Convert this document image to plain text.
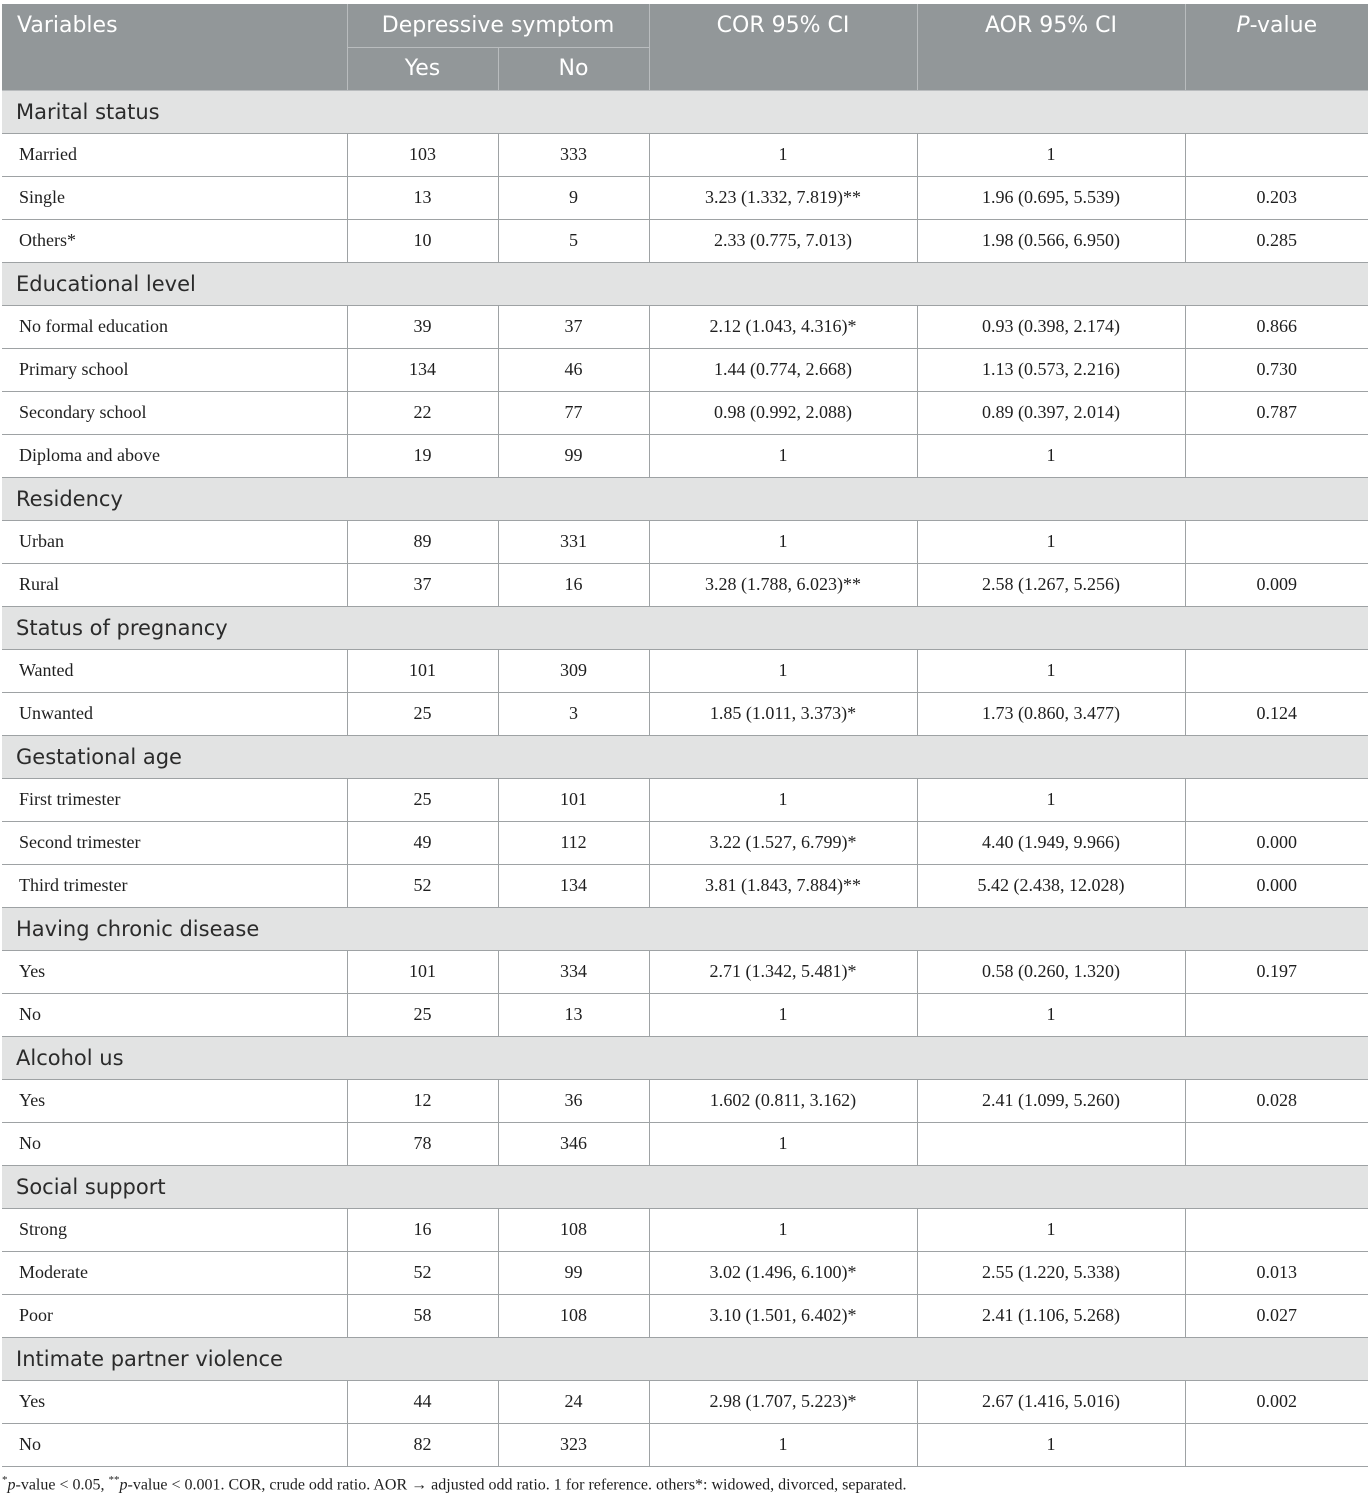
Variables	Depressive symptom		COR 95% CI	AOR 95% CI	P-value
	Yes	No			
Marital status					
Married	103	333	1	1	
Single	13	9	3.23 (1.332, 7.819)**	1.96 (0.695, 5.539)	0.203
Others*	10	5	2.33 (0.775, 7.013)	1.98 (0.566, 6.950)	0.285
Educational level					
No formal education	39	37	2.12 (1.043, 4.316)*	0.93 (0.398, 2.174)	0.866
Primary school	134	46	1.44 (0.774, 2.668)	1.13 (0.573, 2.216)	0.730
Secondary school	22	77	0.98 (0.992, 2.088)	0.89 (0.397, 2.014)	0.787
Diploma and above	19	99	1	1	
Residency					
Urban	89	331	1	1	
Rural	37	16	3.28 (1.788, 6.023)**	2.58 (1.267, 5.256)	0.009
Status of pregnancy					
Wanted	101	309	1	1	
Unwanted	25	3	1.85 (1.011, 3.373)*	1.73 (0.860, 3.477)	0.124
Gestational age					
First trimester	25	101	1	1	
Second trimester	49	112	3.22 (1.527, 6.799)*	4.40 (1.949, 9.966)	0.000
Third trimester	52	134	3.81 (1.843, 7.884)**	5.42 (2.438, 12.028)	0.000
Having chronic disease					
Yes	101	334	2.71 (1.342, 5.481)*	0.58 (0.260, 1.320)	0.197
No	25	13	1	1	
Alcohol us					
Yes	12	36	1.602 (0.811, 3.162)	2.41 (1.099, 5.260)	0.028
No	78	346	1		
Social support					
Strong	16	108	1	1	
Moderate	52	99	3.02 (1.496, 6.100)*	2.55 (1.220, 5.338)	0.013
Poor	58	108	3.10 (1.501, 6.402)*	2.41 (1.106, 5.268)	0.027
Intimate partner violence					
Yes	44	24	2.98 (1.707, 5.223)*	2.67 (1.416, 5.016)	0.002
No	82	323	1	1	
*p-value < 0.05, **p-value < 0.001. COR, crude odd ratio. AOR → adjusted odd ratio. 1 for reference. others*: widowed, divorced, separated.
